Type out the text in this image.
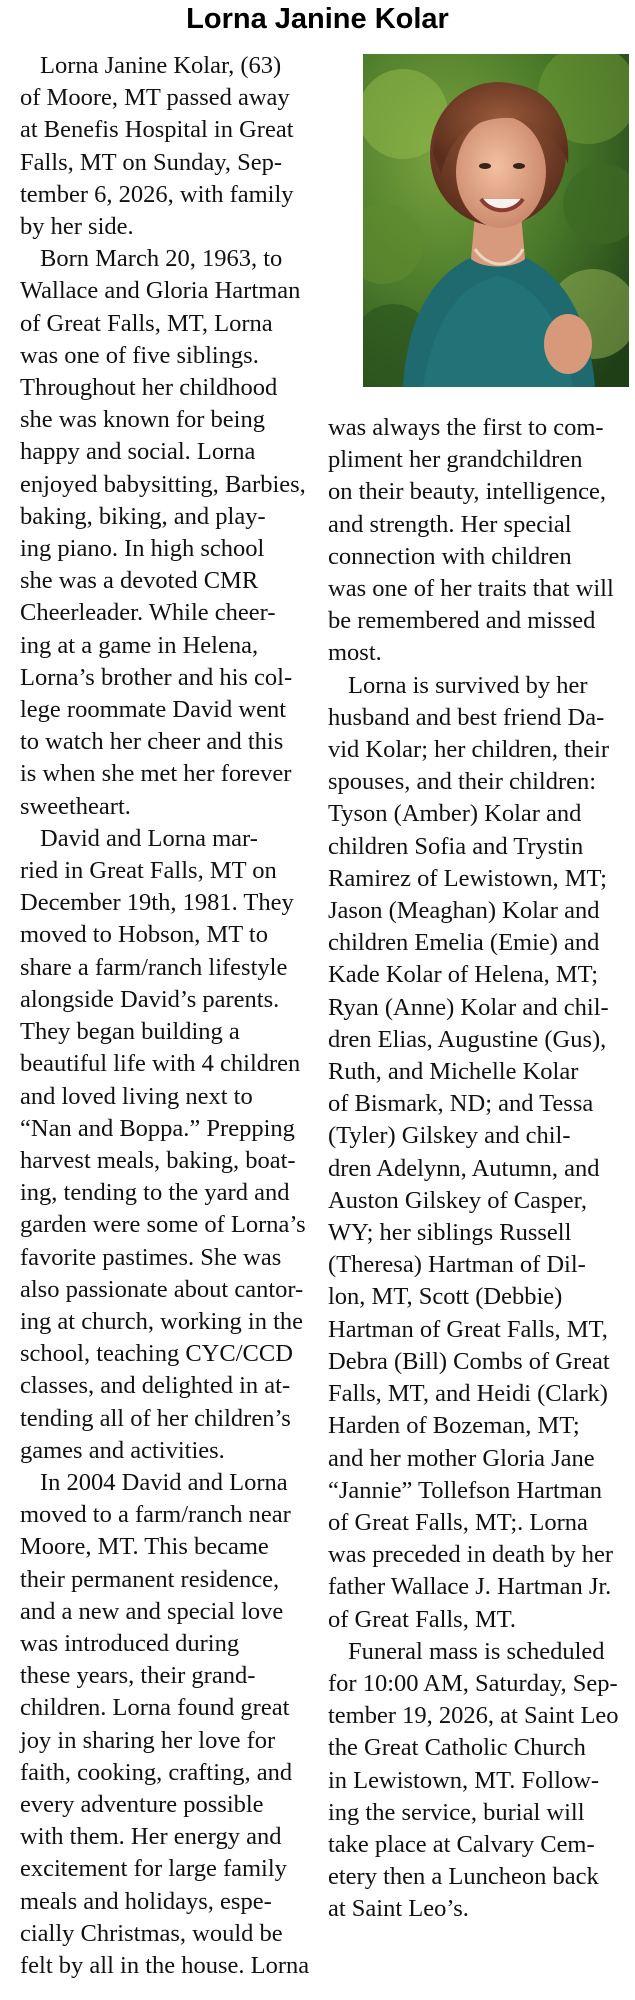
Lorna Janine Kolar

Lorna Janine Kolar, (63)
of Moore, MT passed away
at Benefis Hospital in Great
Falls, MT on Sunday, Sep-
tember 6, 2026, with family
by her side.

Born March 20, 1963, to
Wallace and Gloria Hartman
of Great Falls, MT, Lorna
was one of five siblings.
Throughout her childhood
she was known for being
happy and social. Lorna
enjoyed babysitting, Barbies,
baking, biking, and play-
ing piano. In high school
she was a devoted CMR
Cheerleader. While cheer-
ing at a game in Helena,
Lorna’s brother and his col-
lege roommate David went
to watch her cheer and this
is when she met her forever
sweetheart.

David and Lorna mar-
ried in Great Falls, MT on
December 19th, 1981. They
moved to Hobson, MT to
share a farm/ranch lifestyle
alongside David’s parents.
They began building a
beautiful life with 4 children
and loved living next to
“Nan and Boppa.” Prepping
harvest meals, baking, boat-
ing, tending to the yard and
garden were some of Lorna’s
favorite pastimes. She was
also passionate about cantor-
ing at church, working in the
school, teaching CYC/CCD
classes, and delighted in at-
tending all of her children’s
games and activities.

In 2004 David and Lorna
moved to a farm/ranch near
Moore, MT. This became
their permanent residence,
and a new and special love
was introduced during
these years, their grand-
children. Lorna found great
joy in sharing her love for
faith, cooking, crafting, and
every adventure possible
with them. Her energy and
excitement for large family
meals and holidays, espe-
cially Christmas, would be
felt by all in the house. Lorna

was always the first to com-
pliment her grandchildren
on their beauty, intelligence,
and strength. Her special
connection with children
was one of her traits that will
be remembered and missed
most.

Lorna is survived by her
husband and best friend Da-
vid Kolar; her children, their
spouses, and their children:
Tyson (Amber) Kolar and
children Sofia and Trystin
Ramirez of Lewistown, MT;
Jason (Meaghan) Kolar and
children Emelia (Emie) and
Kade Kolar of Helena, MT;
Ryan (Anne) Kolar and chil-
dren Elias, Augustine (Gus),
Ruth, and Michelle Kolar
of Bismark, ND; and Tessa
(Tyler) Gilskey and chil-
dren Adelynn, Autumn, and
Auston Gilskey of Casper,
WY; her siblings Russell
(Theresa) Hartman of Dil-
lon, MT, Scott (Debbie)
Hartman of Great Falls, MT,
Debra (Bill) Combs of Great
Falls, MT, and Heidi (Clark)
Harden of Bozeman, MT;
and her mother Gloria Jane
“Jannie” Tollefson Hartman
of Great Falls, MT;. Lorna
was preceded in death by her
father Wallace J. Hartman Jr.
of Great Falls, MT.

Funeral mass is scheduled
for 10:00 AM, Saturday, Sep-
tember 19, 2026, at Saint Leo
the Great Catholic Church
in Lewistown, MT. Follow-
ing the service, burial will
take place at Calvary Cem-
etery then a Luncheon back
at Saint Leo’s.
